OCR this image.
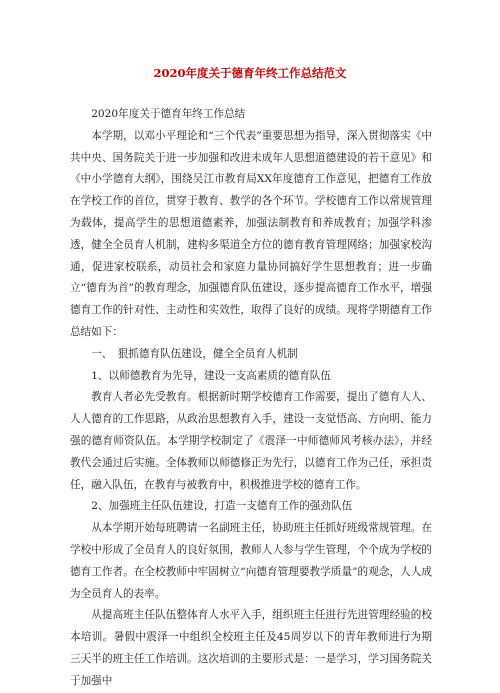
2020年度关于德育年终工作总结范文

2020年度关于德育年终工作总结

本学期，以邓小平理论和“三个代表”重要思想为指导，深入贯彻落实《中共中央、国务院关于进一步加强和改进未成年人思想道德建设的若干意见》和《中小学德育大纲》，围绕吴江市教育局XX年度德育工作意见，把德育工作放在学校工作的首位，贯穿于教育、教学的各个环节。学校德育工作以常规管理为载体，提高学生的思想道德素养，加强法制教育和养成教育；加强学科渗透，健全全员育人机制，建构多渠道全方位的德育教育管理网络；加强家校沟通，促进家校联系，动员社会和家庭力量协同搞好学生思想教育；进一步确立“德育为首”的教育理念，加强德育队伍建设，逐步提高德育工作水平，增强德育工作的针对性、主动性和实效性，取得了良好的成绩。现将学期德育工作总结如下：

一、　狠抓德育队伍建设，健全全员育人机制

1、以师德教育为先导，建设一支高素质的德育队伍

教育人者必先受教育。根据新时期学校德育工作需要，提出了德育人人、人人德育的工作思路，从政治思想教育入手，建设一支觉悟高、方向明、能力强的德育师资队伍。本学期学校制定了《震泽一中师德师风考核办法》，并经教代会通过后实施。全体教师以师德修正为先行，以德育工作为己任，承担责任，融入队伍，在教育与被教育中，积极推进学校的德育工作。

2、加强班主任队伍建设，打造一支德育工作的强劲队伍

从本学期开始每班聘请一名副班主任，协助班主任抓好班级常规管理。在学校中形成了全员育人的良好氛围，教师人人参与学生管理，个个成为学校的德育工作者。在全校教师中牢固树立“向德育管理要教学质量”的观念，人人成为全员育人的表率。

从提高班主任队伍整体育人水平入手，组织班主任进行先进管理经验的校本培训。暑假中震泽一中组织全校班主任及45周岁以下的青年教师进行为期三天半的班主任工作培训。这次培训的主要形式是：一是学习，学习国务院关于加强中
